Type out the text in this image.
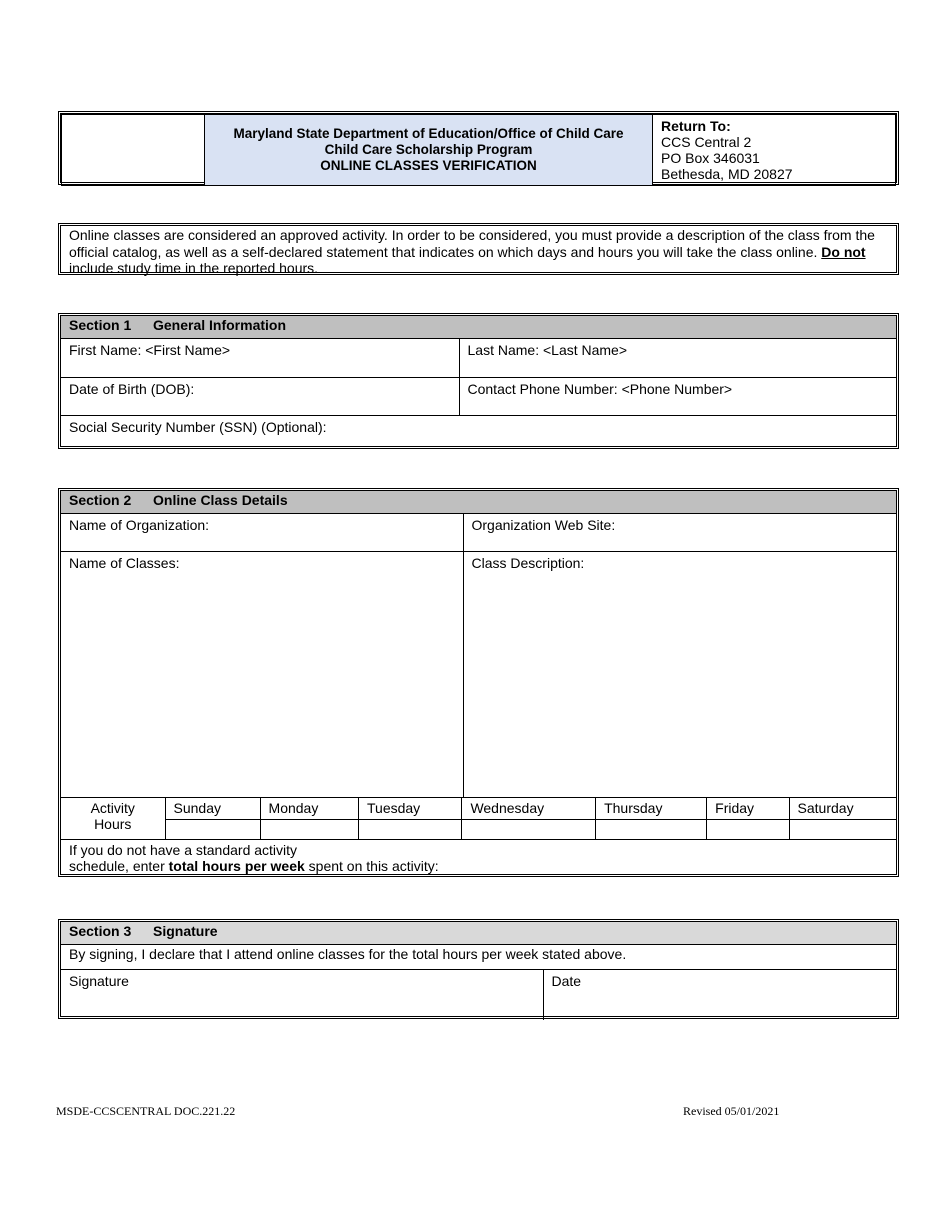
Maryland State Department of Education/Office of Child Care
Child Care Scholarship Program
ONLINE CLASSES VERIFICATION

Return To:
CCS Central 2
PO Box 346031
Bethesda, MD 20827
Online classes are considered an approved activity. In order to be considered, you must provide a description of the class from the official catalog, as well as a self-declared statement that indicates on which days and hours you will take the class online. Do not include study time in the reported hours.
Section 1 General Information
First Name: <First Name>	Last Name: <Last Name>
Date of Birth (DOB):	Contact Phone Number: <Phone Number>
Social Security Number (SSN) (Optional):	
Section 2 Online Class Details
Name of Organization:	Organization Web Site:
Name of Classes:	Class Description:
Activity
Hours	Sunday	Monday	Tuesday	Wednesday	Thursday	Friday	Saturday

If you do not have a standard activity
schedule, enter total hours per week spent on this activity:
Section 3 Signature
By signing, I declare that I attend online classes for the total hours per week stated above.
Signature	Date
MSDE-CCSCENTRAL DOC.221.22	Revised 05/01/2021
